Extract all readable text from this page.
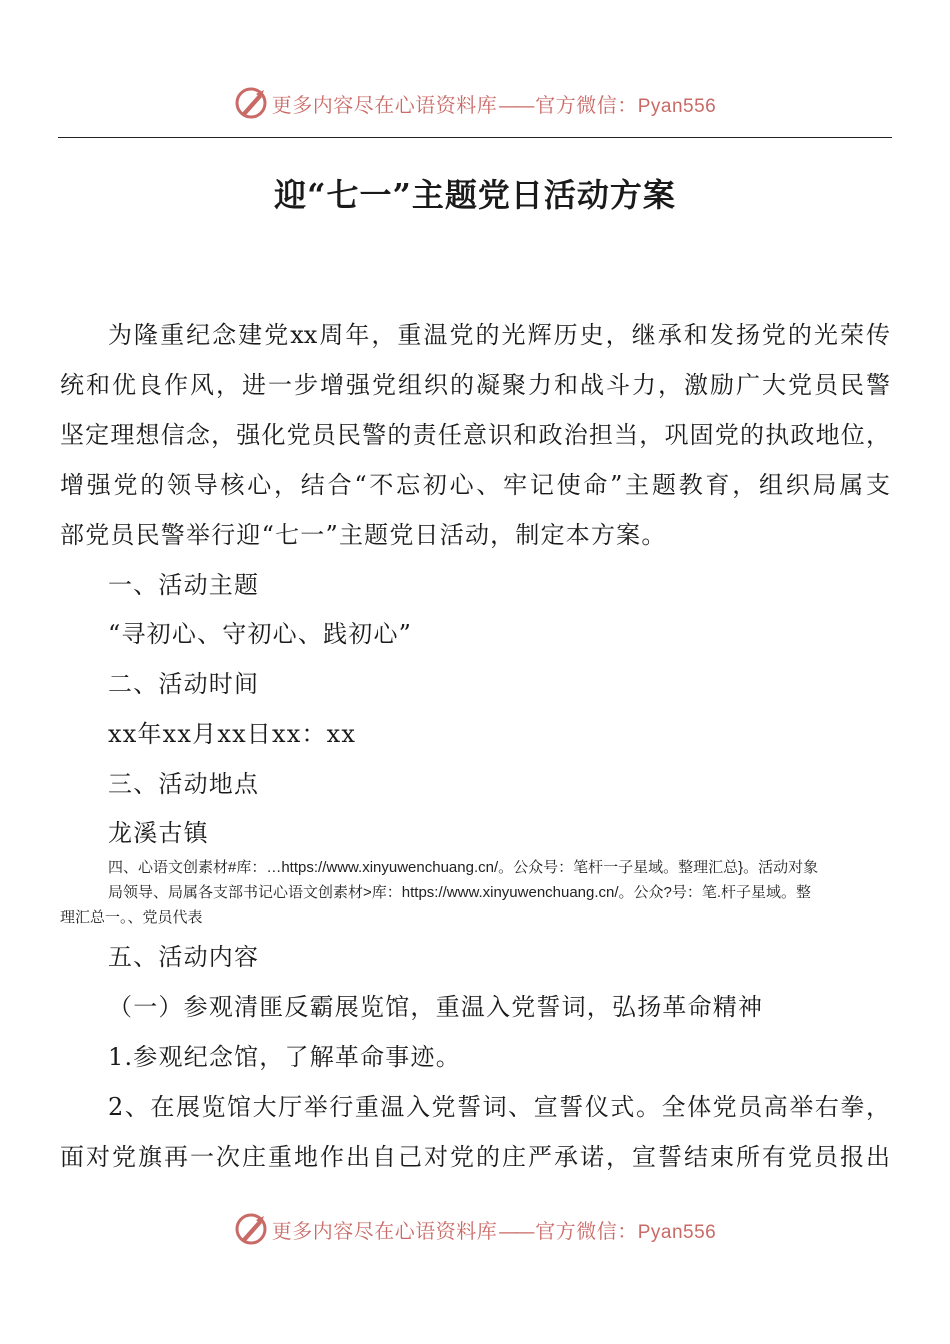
更多内容尽在心语资料库—— 官方微信：Pyan556
迎“七一”主题党日活动方案
为隆重纪念建党xx周年，重温党的光辉历史，继承和发扬党的光荣传
统和优良作风，进一步增强党组织的凝聚力和战斗力，激励广大党员民警
坚定理想信念，强化党员民警的责任意识和政治担当，巩固党的执政地位，
增强党的领导核心，结合“不忘初心、牢记使命”主题教育，组织局属支
部党员民警举行迎“七一”主题党日活动，制定本方案。
一、活动主题
“寻初心、守初心、践初心”
二、活动时间
xx年xx月xx日xx：xx
三、活动地点
龙溪古镇
四、心语文创素材#库：…https://www.xinyuwenchuang.cn/。公众号：笔杆一子星域。整理汇总}。活动对象
局领导、局属各支部书记心语文创素材>库：https://www.xinyuwenchuang.cn/。公众?号：笔.杆子星域。整
理汇总一。、党员代表
五、活动内容
（一）参观清匪反霸展览馆，重温入党誓词，弘扬革命精神
1.参观纪念馆，了解革命事迹。
2、在展览馆大厅举行重温入党誓词、宣誓仪式。全体党员高举右拳，
面对党旗再一次庄重地作出自己对党的庄严承诺，宣誓结束所有党员报出
更多内容尽在心语资料库—— 官方微信：Pyan556
